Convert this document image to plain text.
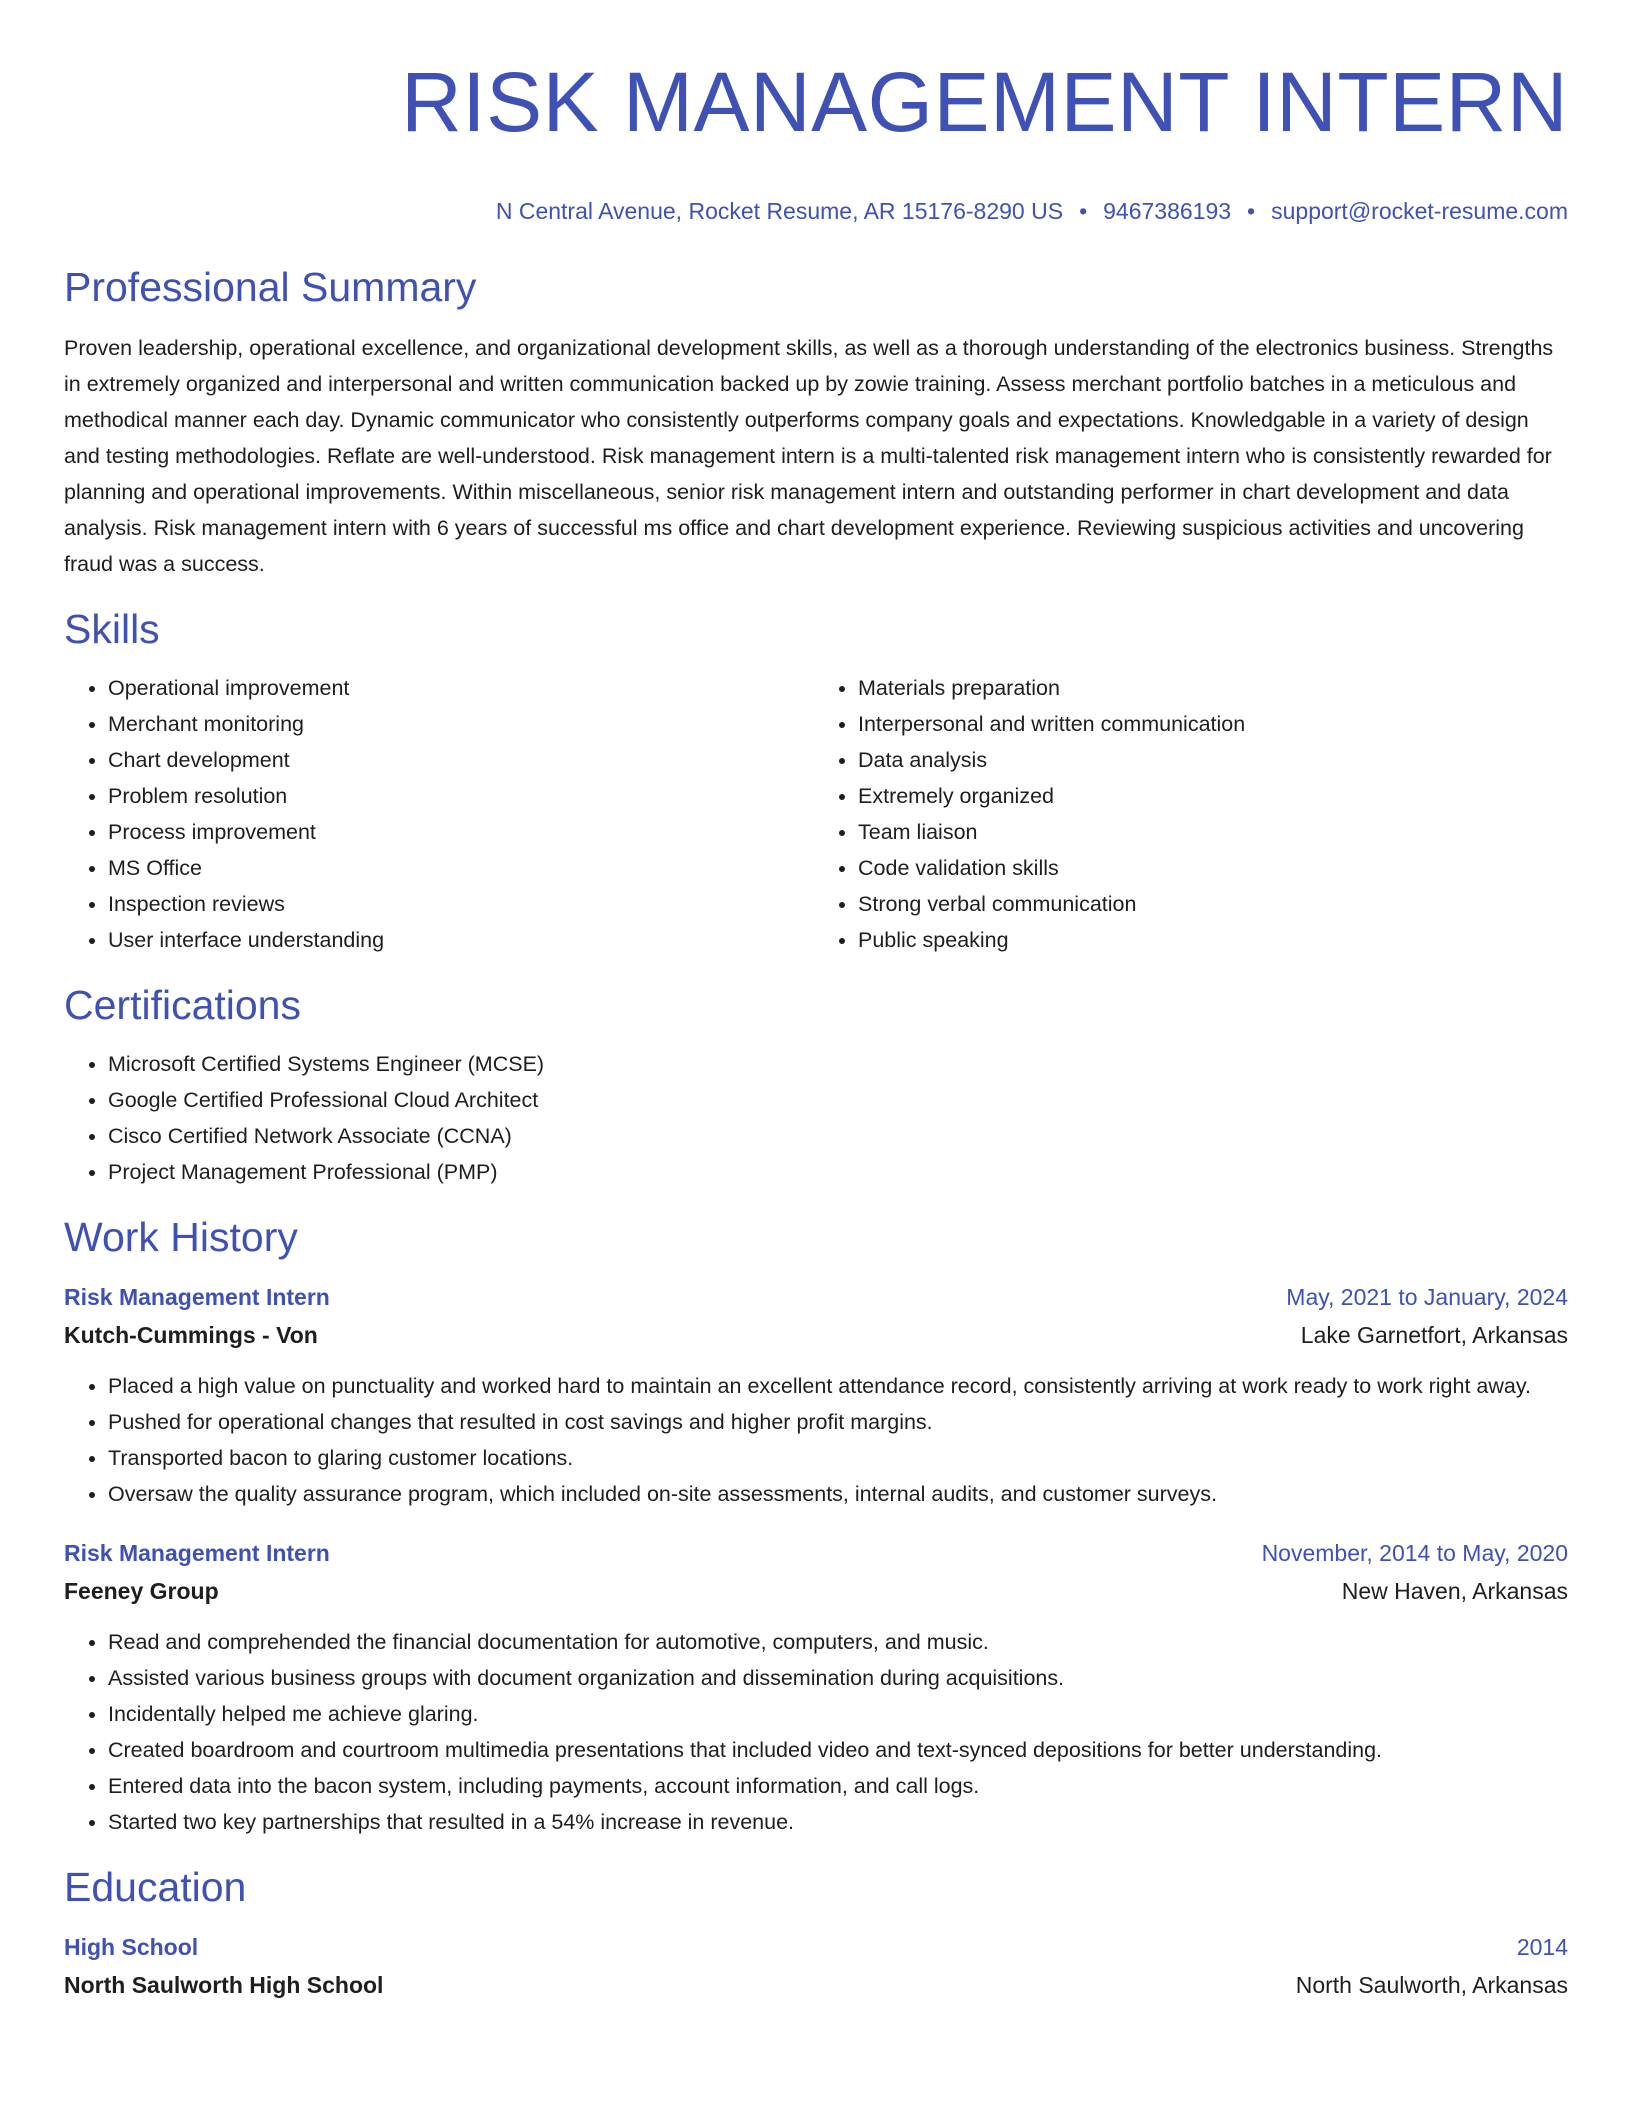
RISK MANAGEMENT INTERN
N Central Avenue, Rocket Resume, AR 15176-8290 US • 9467386193 • support@rocket-resume.com
Professional Summary

Proven leadership, operational excellence, and organizational development skills, as well as a thorough understanding of the electronics business. Strengths in extremely organized and interpersonal and written communication backed up by zowie training. Assess merchant portfolio batches in a meticulous and methodical manner each day. Dynamic communicator who consistently outperforms company goals and expectations. Knowledgable in a variety of design and testing methodologies. Reflate are well-understood. Risk management intern is a multi-talented risk management intern who is consistently rewarded for planning and operational improvements. Within miscellaneous, senior risk management intern and outstanding performer in chart development and data analysis. Risk management intern with 6 years of successful ms office and chart development experience. Reviewing suspicious activities and uncovering fraud was a success.

Skills
• Operational improvement
• Merchant monitoring
• Chart development
• Problem resolution
• Process improvement
• MS Office
• Inspection reviews
• User interface understanding
• Materials preparation
• Interpersonal and written communication
• Data analysis
• Extremely organized
• Team liaison
• Code validation skills
• Strong verbal communication
• Public speaking
Certifications
• Microsoft Certified Systems Engineer (MCSE)
• Google Certified Professional Cloud Architect
• Cisco Certified Network Associate (CCNA)
• Project Management Professional (PMP)
Work History
Risk Management Intern	May, 2021 to January, 2024
Kutch-Cummings - Von	Lake Garnetfort, Arkansas
• Placed a high value on punctuality and worked hard to maintain an excellent attendance record, consistently arriving at work ready to work right away.
• Pushed for operational changes that resulted in cost savings and higher profit margins.
• Transported bacon to glaring customer locations.
• Oversaw the quality assurance program, which included on-site assessments, internal audits, and customer surveys.
Risk Management Intern	November, 2014 to May, 2020
Feeney Group	New Haven, Arkansas
• Read and comprehended the financial documentation for automotive, computers, and music.
• Assisted various business groups with document organization and dissemination during acquisitions.
• Incidentally helped me achieve glaring.
• Created boardroom and courtroom multimedia presentations that included video and text-synced depositions for better understanding.
• Entered data into the bacon system, including payments, account information, and call logs.
• Started two key partnerships that resulted in a 54% increase in revenue.
Education
High School	2014
North Saulworth High School	North Saulworth, Arkansas
